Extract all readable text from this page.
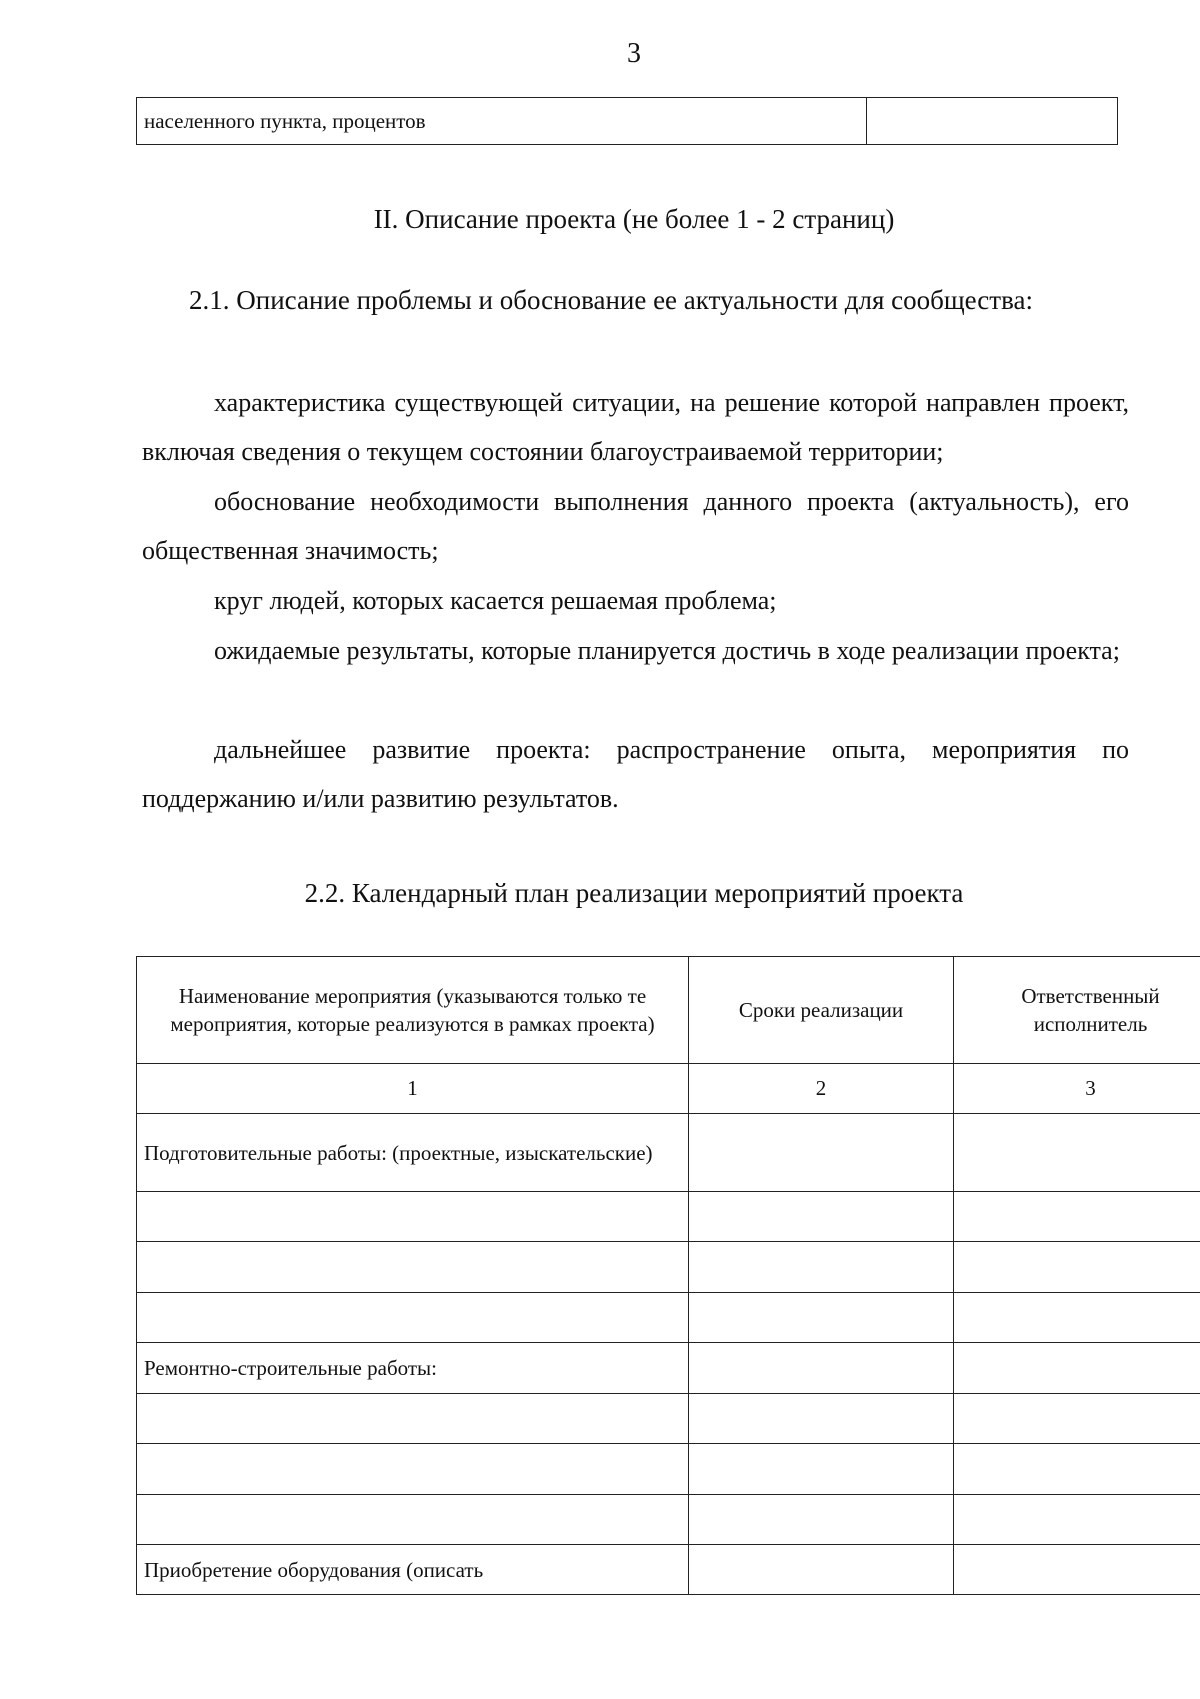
3
населенного пункта, процентов	
II. Описание проекта (не более 1 - 2 страниц)
2.1. Описание проблемы и обоснование ее актуальности для сообщества:

характеристика существующей ситуации, на решение которой направлен проект, включая сведения о текущем состоянии благоустраиваемой территории;

обоснование необходимости выполнения данного проекта (актуальность), его общественная значимость;

круг людей, которых касается решаемая проблема;

ожидаемые результаты, которые планируется достичь в ходе реализации проекта;

дальнейшее развитие проекта: распространение опыта, мероприятия по поддержанию и/или развитию результатов.

2.2. Календарный план реализации мероприятий проекта
Наименование мероприятия (указываются только те мероприятия, которые реализуются в рамках проекта)	Сроки реализации	Ответственный исполнитель
1	2	3
Подготовительные работы: (проектные, изыскательские)		

Ремонтно-строительные работы:		

Приобретение оборудования (описать		
